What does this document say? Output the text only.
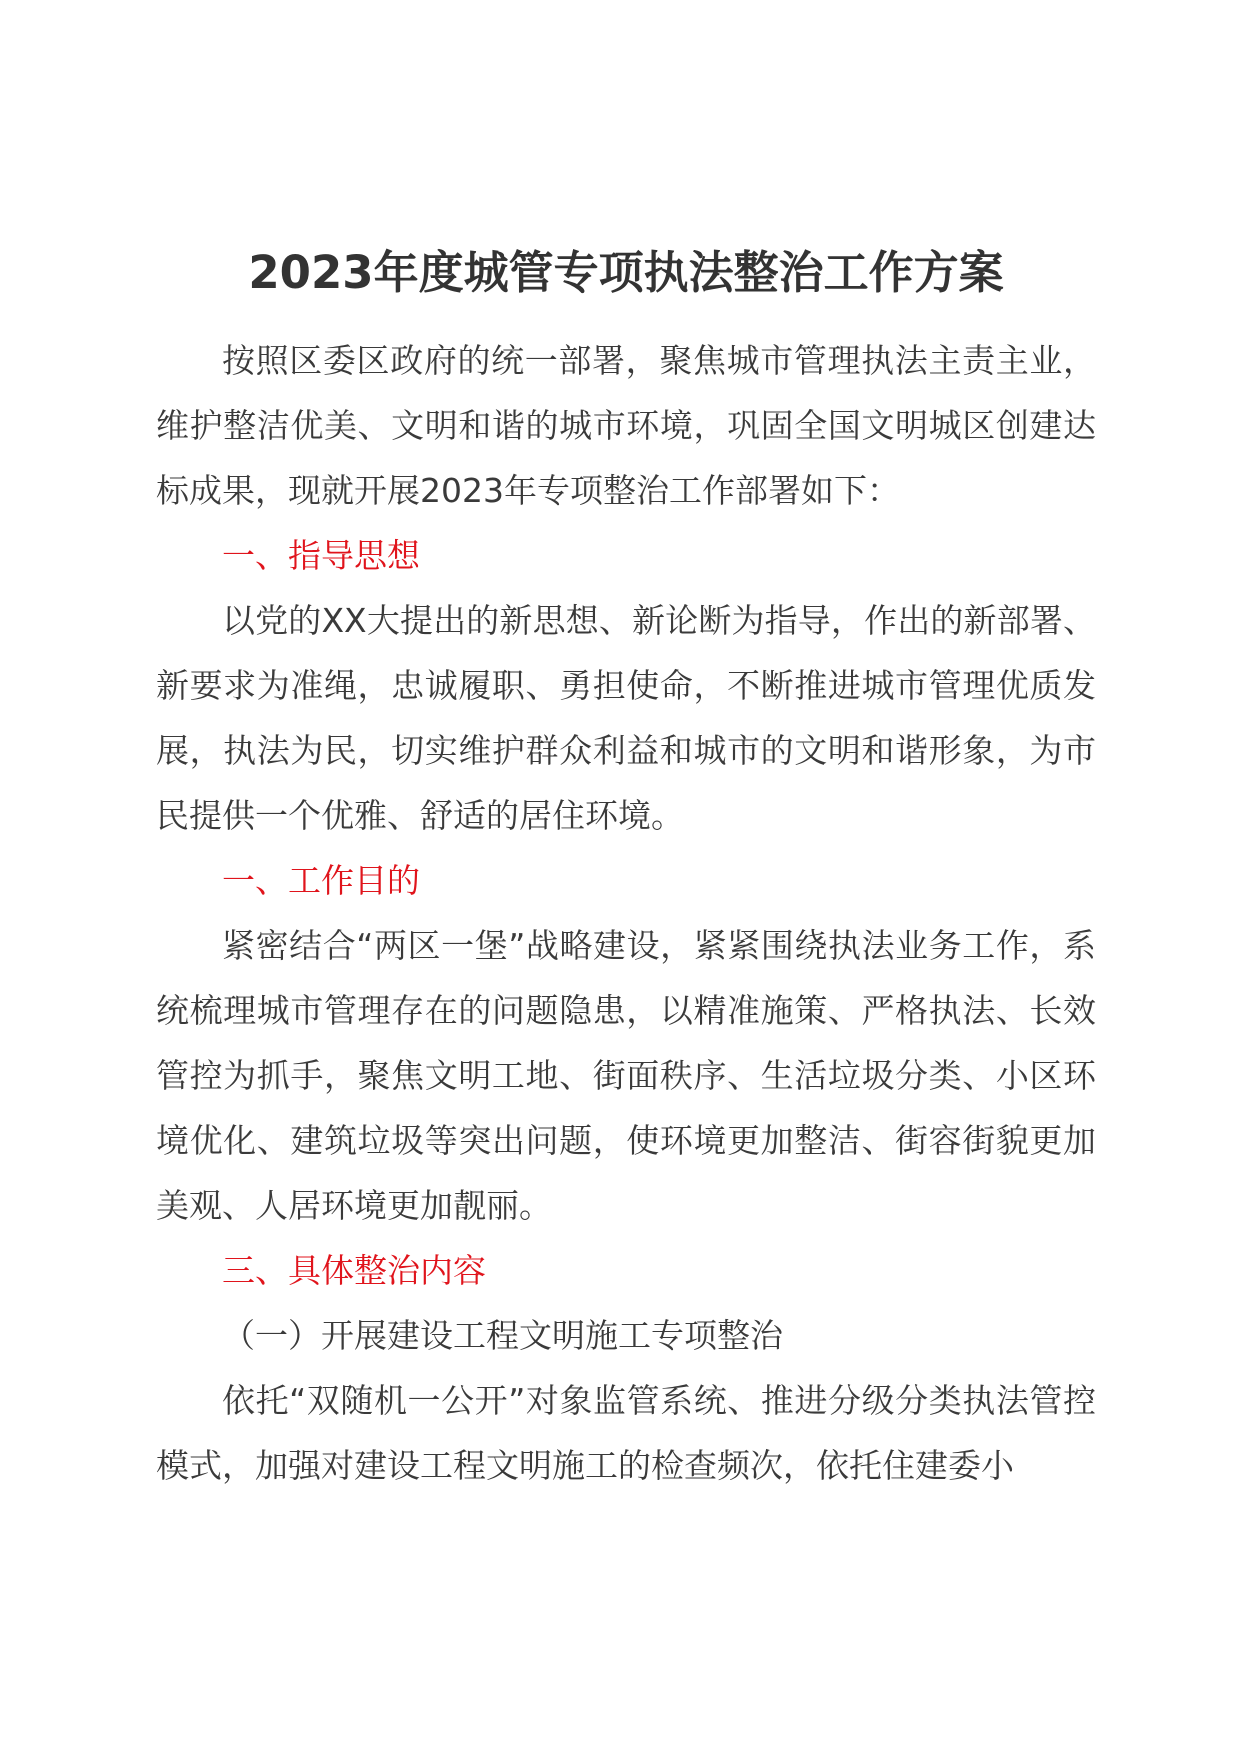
2023年度城管专项执法整治工作方案

按照区委区政府的统一部署，聚焦城市管理执法主责主业，维护整洁优美、文明和谐的城市环境，巩固全国文明城区创建达标成果，现就开展2023年专项整治工作部署如下：

一、指导思想

以党的XX大提出的新思想、新论断为指导，作出的新部署、新要求为准绳，忠诚履职、勇担使命，不断推进城市管理优质发展，执法为民，切实维护群众利益和城市的文明和谐形象，为市民提供一个优雅、舒适的居住环境。

一、工作目的

紧密结合“两区一堡”战略建设，紧紧围绕执法业务工作，系统梳理城市管理存在的问题隐患，以精准施策、严格执法、长效管控为抓手，聚焦文明工地、街面秩序、生活垃圾分类、小区环境优化、建筑垃圾等突出问题，使环境更加整洁、街容街貌更加美观、人居环境更加靓丽。

三、具体整治内容

（一）开展建设工程文明施工专项整治

依托“双随机一公开”对象监管系统、推进分级分类执法管控模式，加强对建设工程文明施工的检查频次，依托住建委小
